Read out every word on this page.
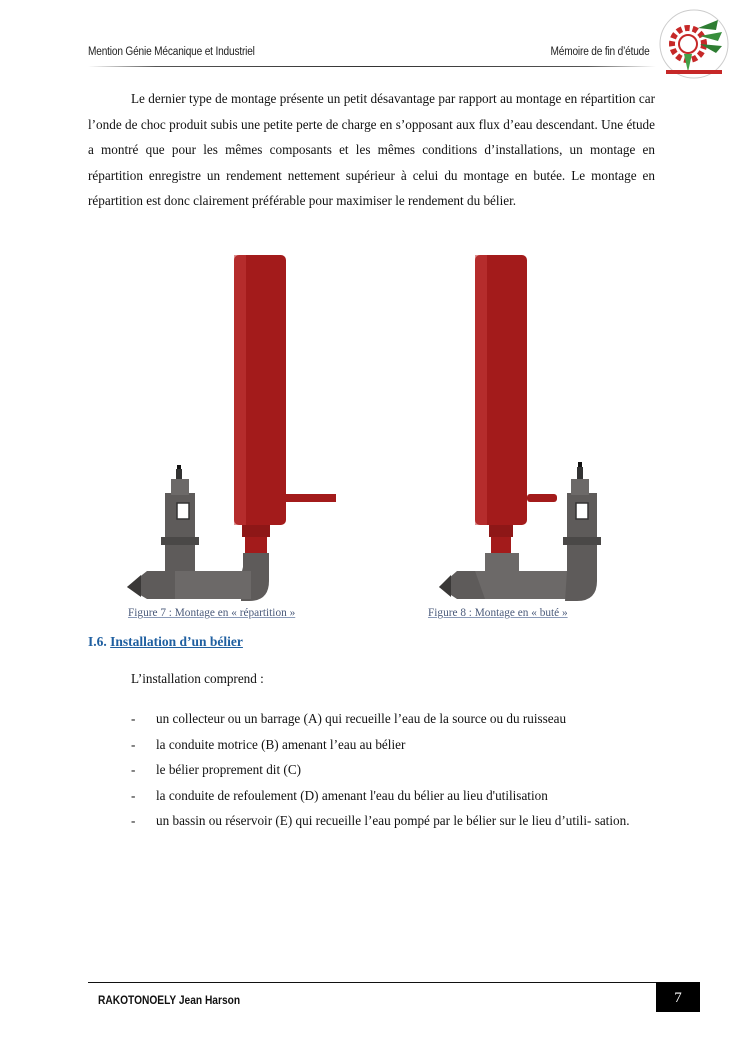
Mention Génie Mécanique et Industriel	Mémoire de fin d’étude

Le dernier type de montage présente un petit désavantage par rapport au montage en répartition car l’onde de choc produit subis une petite perte de charge en s’opposant aux flux d’eau descendant. Une étude a montré que pour les mêmes composants et les mêmes conditions d’installations, un montage en répartition enregistre un rendement nettement supérieur à celui du montage en butée. Le montage en répartition est donc clairement préférable pour maximiser le rendement du bélier.

Figure 7 : Montage en « répartition »	Figure 8 : Montage en « buté »
I.6. Installation d’un bélier
L’installation comprend :
- un collecteur ou un barrage (A) qui recueille l’eau de la source ou du ruisseau
- la conduite motrice (B) amenant l’eau au bélier
- le bélier proprement dit (C)
- la conduite de refoulement (D) amenant l'eau du bélier au lieu d'utilisation
- un bassin ou réservoir (E) qui recueille l’eau pompé par le bélier sur le lieu d’utili- sation.
RAKOTONOELY Jean Harson	7
